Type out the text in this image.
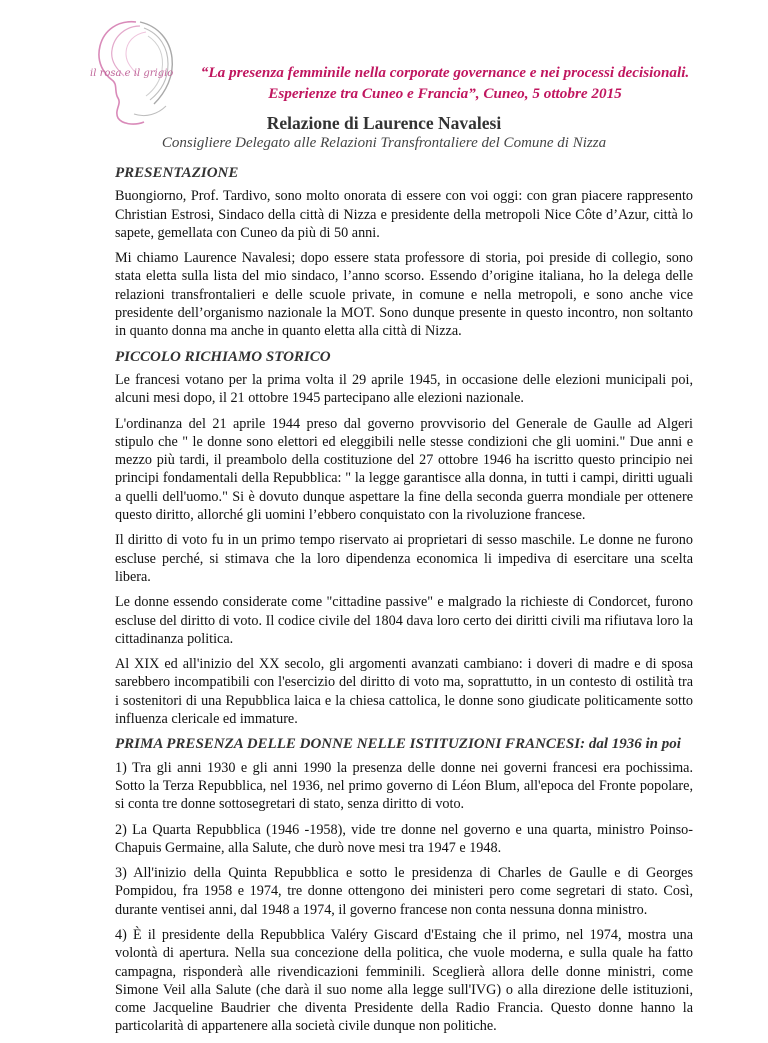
il rosa e il grigio	“La presenza femminile nella corporate governance e nei processi decisionali.
Esperienze tra Cuneo e Francia”, Cuneo, 5 ottobre 2015
Relazione di Laurence Navalesi
Consigliere Delegato alle Relazioni Transfrontaliere del Comune di Nizza
PRESENTAZIONE

Buongiorno, Prof. Tardivo, sono molto onorata di essere con voi oggi: con gran piacere rappresento Christian Estrosi, Sindaco della città di Nizza e presidente della metropoli Nice Côte d’Azur, città lo sapete, gemellata con Cuneo da più di 50 anni.

Mi chiamo Laurence Navalesi; dopo essere stata professore di storia, poi preside di collegio, sono stata eletta sulla lista del mio sindaco, l’anno scorso. Essendo d’origine italiana, ho la delega delle relazioni transfrontalieri e delle scuole private, in comune e nella metropoli, e sono anche vice presidente dell’organismo nazionale la MOT. Sono dunque presente in questo incontro, non soltanto in quanto donna ma anche in quanto eletta alla città di Nizza.

PICCOLO RICHIAMO STORICO

Le francesi votano per la prima volta il 29 aprile 1945, in occasione delle elezioni municipali poi, alcuni mesi dopo, il 21 ottobre 1945 partecipano alle elezioni nazionale.

L'ordinanza del 21 aprile 1944 preso dal governo provvisorio del Generale de Gaulle ad Algeri stipulo che " le donne sono elettori ed eleggibili nelle stesse condizioni che gli uomini." Due anni e mezzo più tardi, il preambolo della costituzione del 27 ottobre 1946 ha iscritto questo principio nei principi fondamentali della Repubblica: " la legge garantisce alla donna, in tutti i campi, diritti uguali a quelli dell'uomo." Si è dovuto dunque aspettare la fine della seconda guerra mondiale per ottenere questo diritto, allorché gli uomini l’ebbero conquistato con la rivoluzione francese.

Il diritto di voto fu in un primo tempo riservato ai proprietari di sesso maschile. Le donne ne furono escluse perché, si stimava che la loro dipendenza economica li impediva di esercitare una scelta libera.

Le donne essendo considerate come "cittadine passive" e malgrado la richieste di Condorcet, furono escluse del diritto di voto. Il codice civile del 1804 dava loro certo dei diritti civili ma rifiutava loro la cittadinanza politica.

Al XIX ed all'inizio del XX secolo, gli argomenti avanzati cambiano: i doveri di madre e di sposa sarebbero incompatibili con l'esercizio del diritto di voto ma, soprattutto, in un contesto di ostilità tra i sostenitori di una Repubblica laica e la chiesa cattolica, le donne sono giudicate politicamente sotto influenza clericale ed immature.

PRIMA PRESENZA DELLE DONNE NELLE ISTITUZIONI FRANCESI: dal 1936 in poi

1) Tra gli anni 1930 e gli anni 1990 la presenza delle donne nei governi francesi era pochissima. Sotto la Terza Repubblica, nel 1936, nel primo governo di Léon Blum, all'epoca del Fronte popolare, si conta tre donne sottosegretari di stato, senza diritto di voto.

2) La Quarta Repubblica (1946 -1958), vide tre donne nel governo e una quarta, ministro Poinso-Chapuis Germaine, alla Salute, che durò nove mesi tra 1947 e 1948.

3) All'inizio della Quinta Repubblica e sotto le presidenza di Charles de Gaulle e di Georges Pompidou, fra 1958 e 1974, tre donne ottengono dei ministeri pero come segretari di stato. Così, durante ventisei anni, dal 1948 a 1974, il governo francese non conta nessuna donna ministro.

4) È il presidente della Repubblica Valéry Giscard d'Estaing che il primo, nel 1974, mostra una volontà di apertura. Nella sua concezione della politica, che vuole moderna, e sulla quale ha fatto campagna, risponderà alle rivendicazioni femminili. Sceglierà allora delle donne ministri, come Simone Veil alla Salute (che darà il suo nome alla legge sull'IVG) o alla direzione delle istituzioni, come Jacqueline Baudrier che diventa Presidente della Radio Francia. Questo donne hanno la particolarità di appartenere alla società civile dunque non politiche.
